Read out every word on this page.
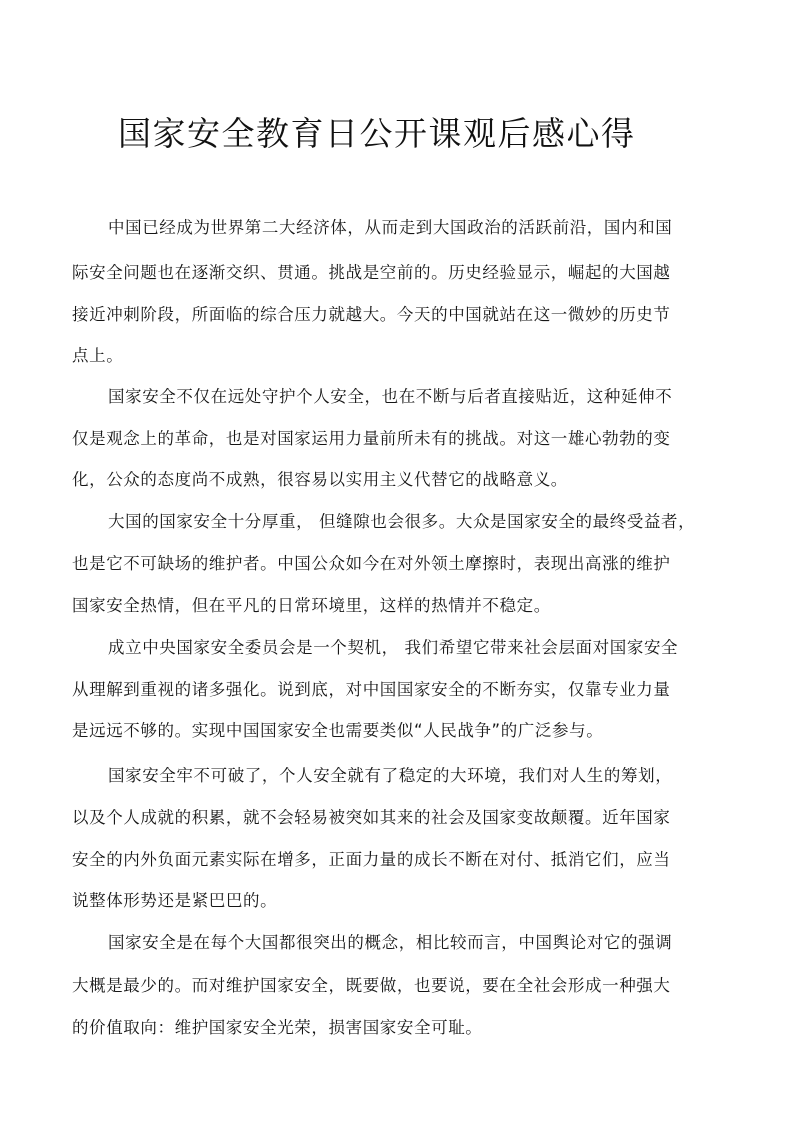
国家安全教育日公开课观后感心得
中国已经成为世界第二大经济体，从而走到大国政治的活跃前沿，国内和国
际安全问题也在逐渐交织、贯通。挑战是空前的。历史经验显示，崛起的大国越
接近冲刺阶段，所面临的综合压力就越大。今天的中国就站在这一微妙的历史节
点上。
国家安全不仅在远处守护个人安全，也在不断与后者直接贴近，这种延伸不
仅是观念上的革命，也是对国家运用力量前所未有的挑战。对这一雄心勃勃的变
化，公众的态度尚不成熟，很容易以实用主义代替它的战略意义。
大国的国家安全十分厚重， 但缝隙也会很多。大众是国家安全的最终受益者，
也是它不可缺场的维护者。中国公众如今在对外领土摩擦时，表现出高涨的维护
国家安全热情，但在平凡的日常环境里，这样的热情并不稳定。
成立中央国家安全委员会是一个契机， 我们希望它带来社会层面对国家安全
从理解到重视的诸多强化。说到底，对中国国家安全的不断夯实，仅靠专业力量
是远远不够的。实现中国国家安全也需要类似“人民战争”的广泛参与。
国家安全牢不可破了，个人安全就有了稳定的大环境，我们对人生的筹划，
以及个人成就的积累，就不会轻易被突如其来的社会及国家变故颠覆。近年国家
安全的内外负面元素实际在增多，正面力量的成长不断在对付、抵消它们，应当
说整体形势还是紧巴巴的。
国家安全是在每个大国都很突出的概念，相比较而言，中国舆论对它的强调
大概是最少的。而对维护国家安全，既要做，也要说，要在全社会形成一种强大
的价值取向：维护国家安全光荣，损害国家安全可耻。
